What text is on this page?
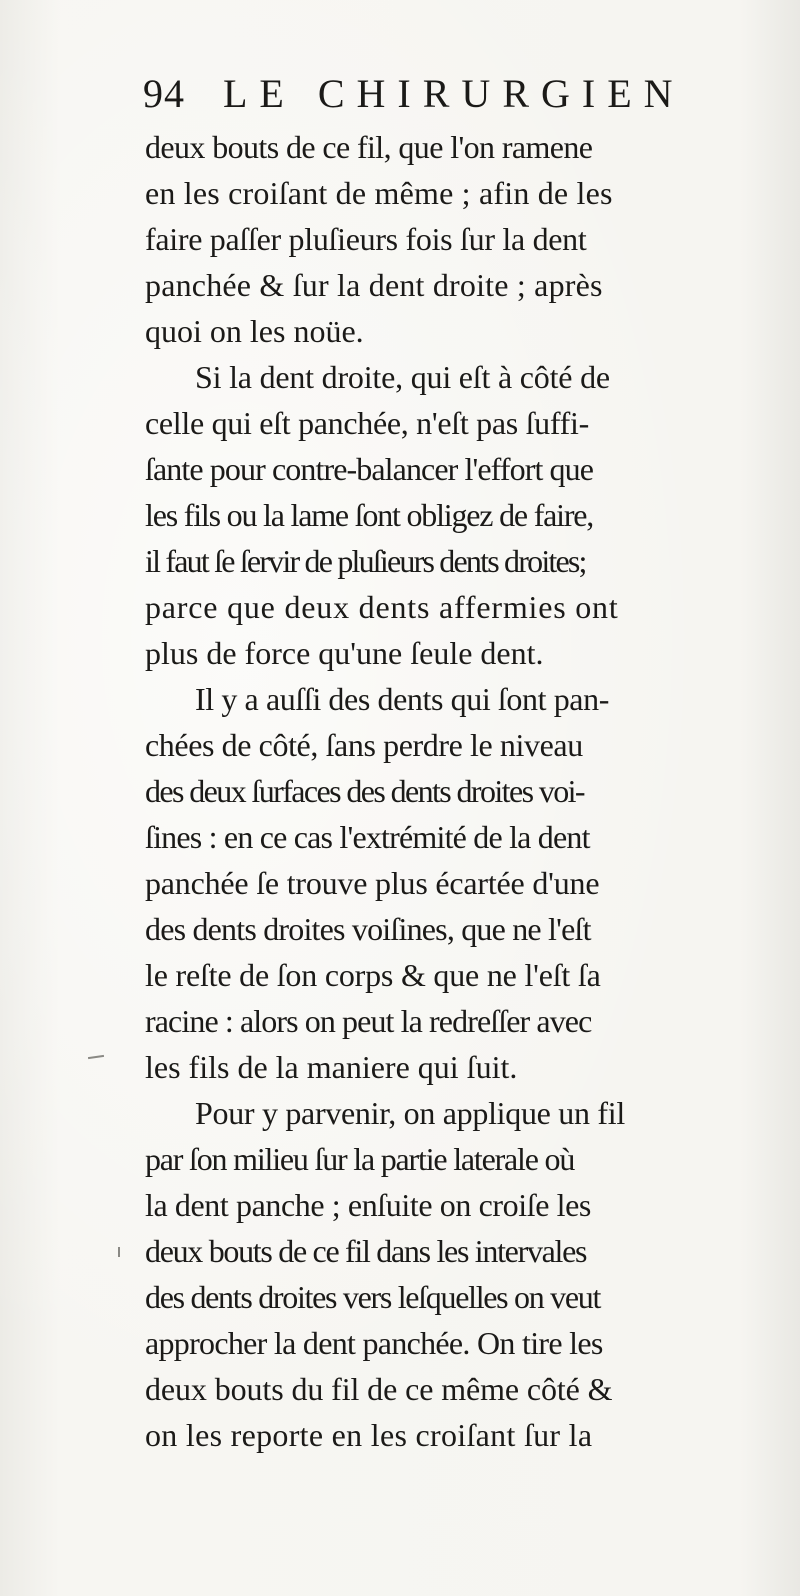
94 LE CHIRURGIEN
deux bouts de ce fil, que l'on ramene
en les croiſant de même ; afin de les
faire paſſer pluſieurs fois ſur la dent
panchée & ſur la dent droite ; après
quoi on les noüe.
Si la dent droite, qui eſt à côté de
celle qui eſt panchée, n'eſt pas ſuffi-
ſante pour contre-balancer l'effort que
les fils ou la lame ſont obligez de faire,
il faut ſe ſervir de pluſieurs dents droites;
parce que deux dents affermies ont
plus de force qu'une ſeule dent.
Il y a auſſi des dents qui ſont pan-
chées de côté, ſans perdre le niveau
des deux ſurfaces des dents droites voi-
ſines : en ce cas l'extrémité de la dent
panchée ſe trouve plus écartée d'une
des dents droites voiſines, que ne l'eſt
le reſte de ſon corps & que ne l'eſt ſa
racine : alors on peut la redreſſer avec
les fils de la maniere qui ſuit.
Pour y parvenir, on applique un fil
par ſon milieu ſur la partie laterale où
la dent panche ; enſuite on croiſe les
deux bouts de ce fil dans les intervales
des dents droites vers leſquelles on veut
approcher la dent panchée. On tire les
deux bouts du fil de ce même côté &
on les reporte en les croiſant ſur la
